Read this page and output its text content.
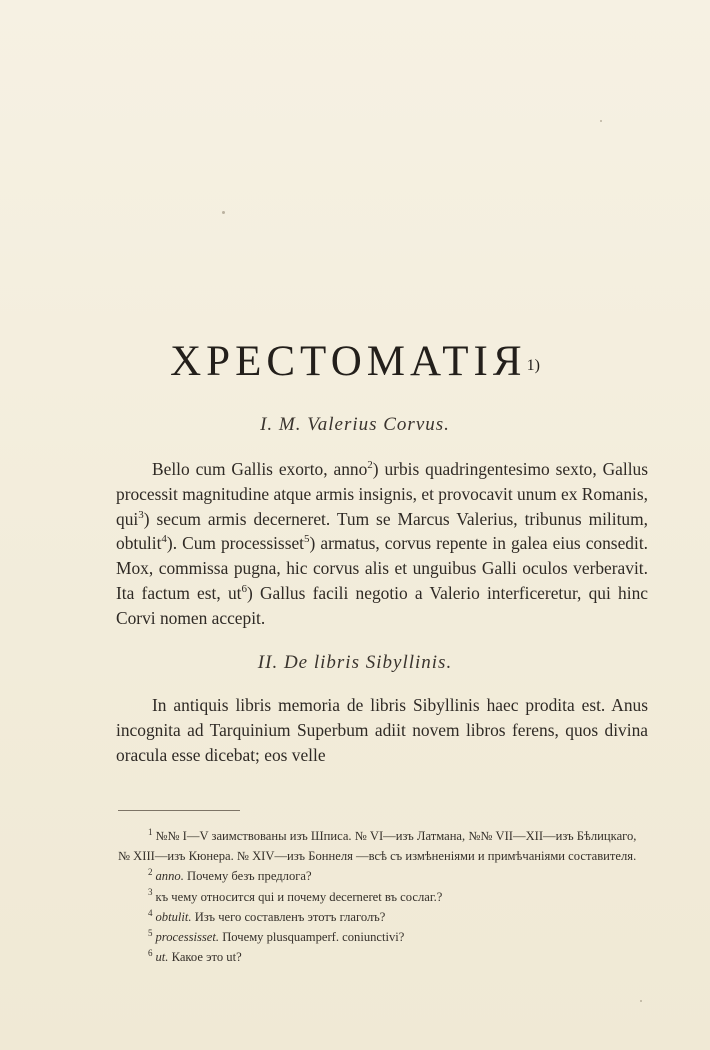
ХРЕСТОМАТІЯ$^{1)}$
I. M. Valerius Corvus.
Bello cum Gallis exorto, anno$^2$) urbis quadringentesimo sexto, Gallus processit magnitudine atque armis insignis, et provocavit unum ex Romanis, qui$^3$) secum armis decerneret. Tum se Marcus Valerius, tribunus militum, obtulit$^4$). Cum processisset$^5$) armatus, corvus repente in galea eius consedit. Mox, commissa pugna, hic corvus alis et unguibus Galli oculos verberavit. Ita factum est, $ut^6$) Gallus facili negotio a Valerio interficeretur, qui hinc Corvi nomen accepit.
II. De libris Sibyllinis.
In antiquis libris memoria de libris Sibyllinis haec prodita est. Anus incognita ad Tarquinium Superbum adiit novem libros ferens, quos divina oracula esse dicebat; eos velle

$^1$ №№ I—V заимствованы изъ Шписа. № VI—изъ Латмана, №№ VII—XII—изъ Бѣлицкаго, № XIII—изъ Кюнера. № XIV—изъ Боннеля —всѣ съ измѣненіями и примѣчаніями составителя.

$^2$ anno. Почему безъ предлога?

$^3$ къ чему относится qui и почему decerneret въ сослаг.?

$^4$ obtulit. Изъ чего составленъ этотъ глаголъ?

$^5$ processisset. Почему plusquamperf. coniunctivi?

$^6$ ut. Какое это ut?
